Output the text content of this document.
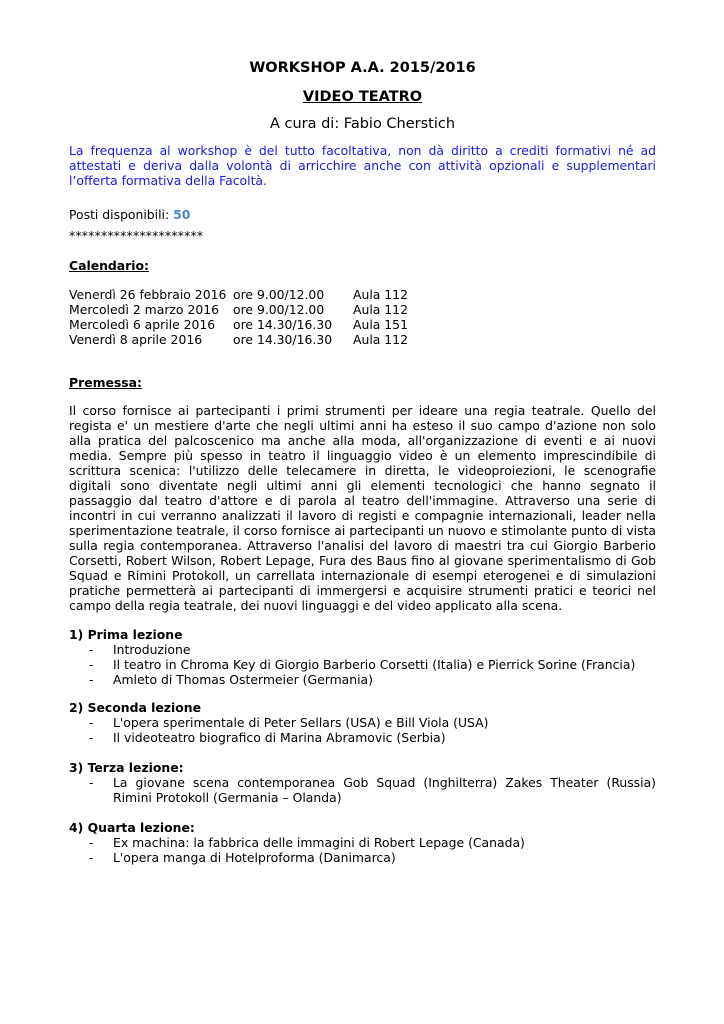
WORKSHOP A.A. 2015/2016
VIDEO TEATRO
A cura di: Fabio Cherstich
La frequenza al workshop è del tutto facoltativa, non dà diritto a crediti formativi né ad attestati e deriva dalla volontà di arricchire anche con attività opzionali e supplementari l’offerta formativa della Facoltà.
Posti disponibili: 50
*********************
Calendario:
Venerdì 26 febbraio 2016 ore 9.00/12.00	Aula 112
Mercoledì 2 marzo 2016	ore 9.00/12.00	Aula 112
Mercoledì 6 aprile 2016	ore 14.30/16.30	Aula 151
Venerdì 8 aprile 2016	ore 14.30/16.30	Aula 112
Premessa:
Il corso fornisce ai partecipanti i primi strumenti per ideare una regia teatrale. Quello del regista e' un mestiere d'arte che negli ultimi anni ha esteso il suo campo d'azione non solo alla pratica del palcoscenico ma anche alla moda, all'organizzazione di eventi e ai nuovi media. Sempre più spesso in teatro il linguaggio video è un elemento imprescindibile di scrittura scenica: l'utilizzo delle telecamere in diretta, le videoproiezioni, le scenografie digitali sono diventate negli ultimi anni gli elementi tecnologici che hanno segnato il passaggio dal teatro d'attore e di parola al teatro dell'immagine. Attraverso una serie di incontri in cui verranno analizzati il lavoro di registi e compagnie internazionali, leader nella sperimentazione teatrale, il corso fornisce ai partecipanti un nuovo e stimolante punto di vista sulla regia contemporanea. Attraverso l'analisi del lavoro di maestri tra cui Giorgio Barberio Corsetti, Robert Wilson, Robert Lepage, Fura des Baus fino al giovane sperimentalismo di Gob Squad e Rimini Protokoll, un carrellata internazionale di esempi eterogenei e di simulazioni pratiche permetterà ai partecipanti di immergersi e acquisire strumenti pratici e teorici nel campo della regia teatrale, dei nuovi linguaggi e del video applicato alla scena.
1) Prima lezione
-	Introduzione
-	Il teatro in Chroma Key di Giorgio Barberio Corsetti (Italia) e Pierrick Sorine (Francia)
-	Amleto di Thomas Ostermeier (Germania)
2) Seconda lezione
-	L'opera sperimentale di Peter Sellars (USA) e Bill Viola (USA)
-	Il videoteatro biografico di Marina Abramovic (Serbia)
3) Terza lezione:
-	La giovane scena contemporanea Gob Squad (Inghilterra) Zakes Theater (Russia) Rimini Protokoll (Germania – Olanda)
4) Quarta lezione:
-	Ex machina: la fabbrica delle immagini di Robert Lepage (Canada)
-	L'opera manga di Hotelproforma (Danimarca)
